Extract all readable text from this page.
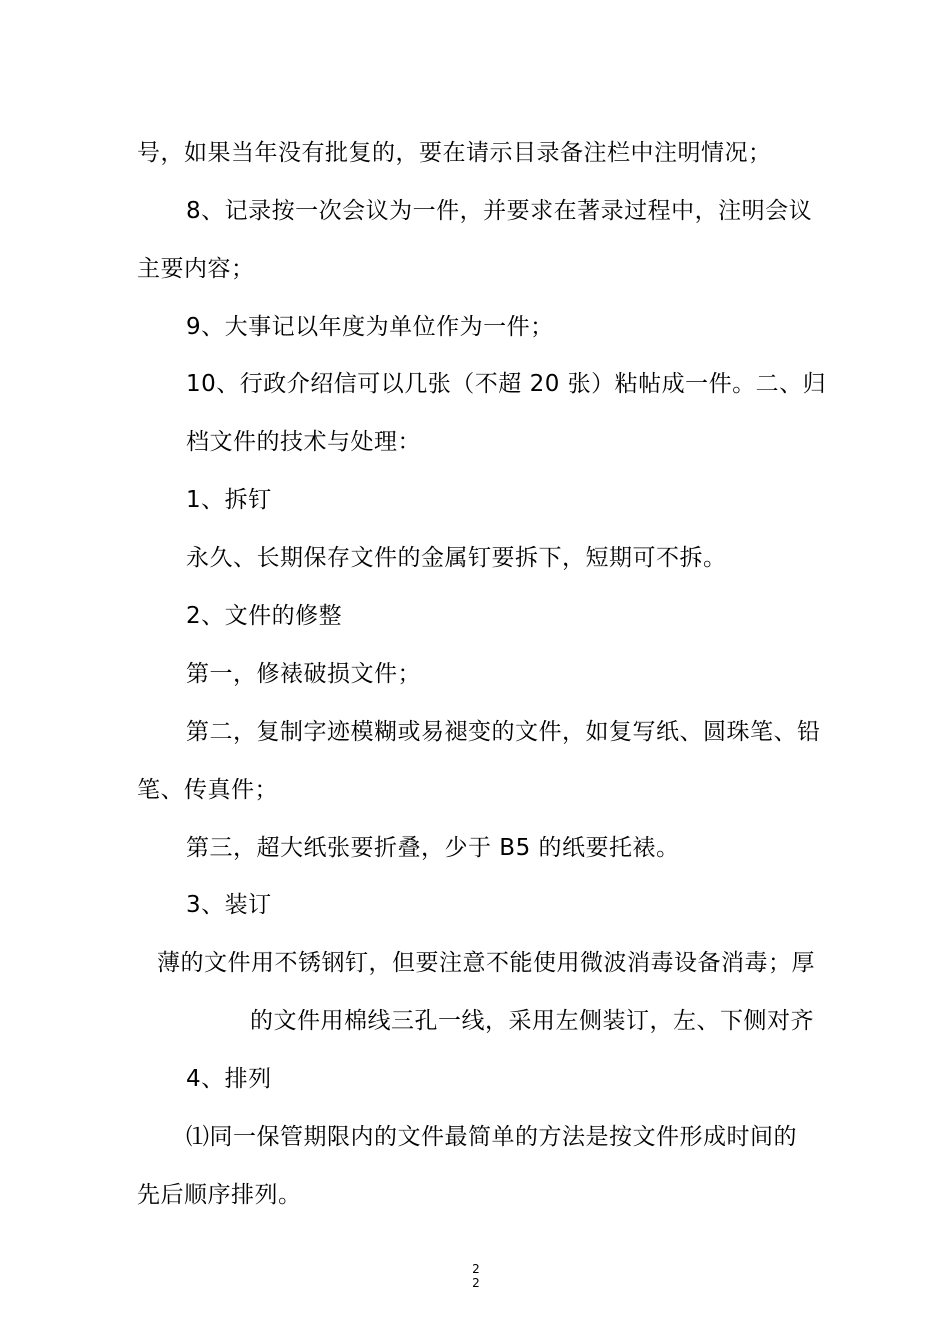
号，如果当年没有批复的，要在请示目录备注栏中注明情况；
8、记录按一次会议为一件，并要求在著录过程中，注明会议
主要内容；
9、大事记以年度为单位作为一件；
10、行政介绍信可以几张（不超 20 张）粘帖成一件。二、归
档文件的技术与处理：
1、拆钉
永久、长期保存文件的金属钉要拆下，短期可不拆。
2、文件的修整
第一，修裱破损文件；
第二，复制字迹模糊或易褪变的文件，如复写纸、圆珠笔、铅
笔、传真件；
第三，超大纸张要折叠，少于 B5 的纸要托裱。
3、装订
薄的文件用不锈钢钉，但要注意不能使用微波消毒设备消毒；厚
的文件用棉线三孔一线，采用左侧装订，左、下侧对齐
4、排列
⑴同一保管期限内的文件最简单的方法是按文件形成时间的
先后顺序排列。
2
2
